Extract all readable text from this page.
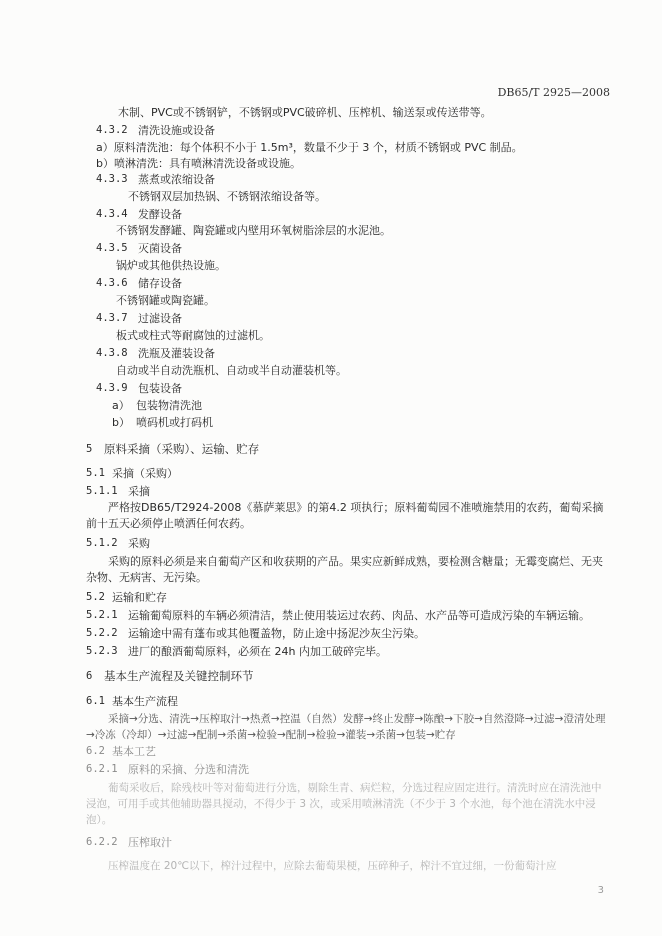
DB65/T 2925—2008
木制、PVC或不锈钢铲，不锈钢或PVC破碎机、压榨机、输送泵或传送带等。
4.3.2 清洗设施或设备
a）原料清洗池：每个体积不小于 1.5m³，数量不少于 3 个，材质不锈钢或 PVC 制品。
b）喷淋清洗：具有喷淋清洗设备或设施。
4.3.3 蒸煮或浓缩设备
不锈钢双层加热锅、不锈钢浓缩设备等。
4.3.4 发酵设备
不锈钢发酵罐、陶瓷罐或内壁用环氧树脂涂层的水泥池。
4.3.5 灭菌设备
锅炉或其他供热设施。
4.3.6 储存设备
不锈钢罐或陶瓷罐。
4.3.7 过滤设备
板式或柱式等耐腐蚀的过滤机。
4.3.8 洗瓶及灌装设备
自动或半自动洗瓶机、自动或半自动灌装机等。
4.3.9 包装设备
a） 包装物清洗池
b） 喷码机或打码机
5 原料采摘（采购）、运输、贮存
5.1 采摘（采购）
5.1.1 采摘
严格按DB65/T2924-2008《慕萨莱思》的第4.2 项执行；原料葡萄园不准喷施禁用的农药，葡萄采摘前十五天必须停止喷洒任何农药。
5.1.2 采购
采购的原料必须是来自葡萄产区和收获期的产品。果实应新鲜成熟，要检测含糖量；无霉变腐烂、无夹杂物、无病害、无污染。
5.2 运输和贮存
5.2.1 运输葡萄原料的车辆必须清洁，禁止使用装运过农药、肉品、水产品等可造成污染的车辆运输。
5.2.2 运输途中需有蓬布或其他覆盖物，防止途中扬泥沙灰尘污染。
5.2.3 进厂的酿酒葡萄原料，必须在 24h 内加工破碎完毕。
6 基本生产流程及关键控制环节
6.1 基本生产流程
采摘→分选、清洗→压榨取汁→热煮→控温（自然）发酵→终止发酵→陈酿→下胶→自然澄降→过滤→澄清处理→冷冻（冷却）→过滤→配制→杀菌→检验→配制→检验→灌装→杀菌→包装→贮存
6.2 基本工艺
6.2.1 原料的采摘、分选和清洗
葡萄采收后，除残枝叶等对葡萄进行分选，剔除生青、病烂粒，分选过程应固定进行。清洗时应在清洗池中浸泡，可用手或其他辅助器具搅动，不得少于 3 次，或采用喷淋清洗（不少于 3 个水池，每个池在清洗水中浸泡）。
6.2.2 压榨取汁
压榨温度在 20℃以下，榨汁过程中，应除去葡萄果梗，压碎种子，榨汁不宜过细，一份葡萄汁应
3
